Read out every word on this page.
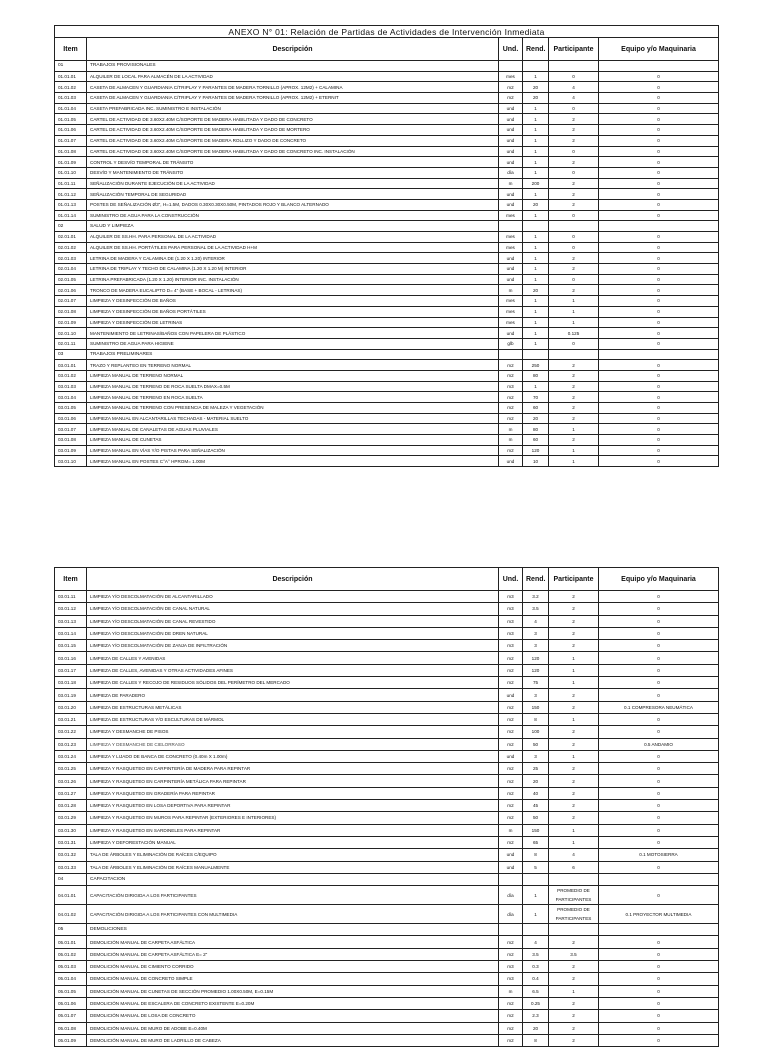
ANEXO N° 01: Relación de Partidas de Actividades de Intervención Inmediata					
Item	Descripción	Und.	Rend.	Participante	Equipo y/o Maquinaria
01	TRABAJOS PROVISIONALES				
01.01.01	ALQUILER DE LOCAL PARA ALMACÉN DE LA ACTIVIDAD	mes	1	0	0
01.01.02	CASETA DE ALMACEN Y GUARDIANIA C/TRIPLAY Y PARANTES DE MADERA TORNILLO (APROX. 12M2) + CALAMINA	m2	20	4	0
01.01.03	CASETA DE ALMACEN Y GUARDIANIA C/TRIPLAY Y PARANTES DE MADERA TORNILLO (APROX. 12M2) + ETERNIT	m2	20	4	0
01.01.04	CASETA PREFABRICADA INC. SUMINISTRO E INSTALACIÓN	und	1	0	0
01.01.05	CARTEL DE ACTIVIDAD DE 3.60X2.40M C/SOPORTE DE MADERA HABILITADA Y DADO DE CONCRETO	und	1	2	0
01.01.06	CARTEL DE ACTIVIDAD DE 3.60X2.40M C/SOPORTE DE MADERA HABILITADA Y DADO DE MORTERO	und	1	2	0
01.01.07	CARTEL DE ACTIVIDAD DE 3.60X2.40M C/SOPORTE DE MADERA ROLLIZO Y DADO DE CONCRETO	und	1	2	0
01.01.08	CARTEL DE ACTIVIDAD DE 3.60X2.40M C/SOPORTE DE MADERA HABILITADA Y DADO DE CONCRETO INC. INSTALACIÓN	und	1	0	0
01.01.09	CONTROL Y DESVÍO TEMPORAL DE TRÁNSITO	und	1	2	0
01.01.10	DESVÍO Y MANTENIMIENTO DE TRÁNSITO	día	1	0	0
01.01.11	SEÑALIZACIÓN DURANTE EJECUCIÓN DE LA ACTIVIDAD	m	200	2	0
01.01.12	SEÑALIZACIÓN TEMPORAL DE SEGURIDAD	und	1	2	0
01.01.13	POSTES DE SEÑALIZACIÓN Ø3", H=1.5M, DADOS 0.30X0.30X0.50M, PINTADOS ROJO Y BLANCO ALTERNADO	und	20	2	0
01.01.14	SUMINISTRO DE AGUA PARA LA CONSTRUCCIÓN	mes	1	0	0
02	SALUD Y LIMPIEZA				
02.01.01	ALQUILER DE SS.HH. PARA PERSONAL DE LA ACTIVIDAD	mes	1	0	0
02.01.02	ALQUILER DE SS.HH. PORTÁTILES PARA PERSONAL DE LA ACTIVIDAD H+M	mes	1	0	0
02.01.03	LETRINA DE MADERA Y CALAMINA DE (1.20 X 1.20) INTERIOR	und	1	2	0
02.01.04	LETRINA DE TRIPLAY Y TECHO DE CALAMINA (1.20 X 1.20 M) INTERIOR	und	1	2	0
02.01.05	LETRINA PREFABRICADA (1.20 X 1.20) INTERIOR INC. INSTALACIÓN	und	1	0	0
02.01.06	TRONCO DE MADERA EUCALIPTO D= 4" (BASE + BOCAL - LETRINAS)	m	20	2	0
02.01.07	LIMPIEZA Y DESINFECCIÓN DE BAÑOS	mes	1	1	0
02.01.08	LIMPIEZA Y DESINFECCIÓN DE BAÑOS PORTÁTILES	mes	1	1	0
02.01.09	LIMPIEZA Y DESINFECCIÓN DE LETRINAS	mes	1	1	0
02.01.10	MANTENIMIENTO DE LETRINAS/BAÑOS CON PAPELERA DE PLÁSTICO	und	1	0.125	0
02.01.11	SUMINISTRO DE AGUA PARA HIGIENE	glb	1	0	0
03	TRABAJOS PRELIMINARES				
03.01.01	TRAZO Y REPLANTEO EN TERRENO NORMAL	m2	250	2	0
03.01.02	LIMPIEZA MANUAL DE TERRENO NORMAL	m2	80	2	0
03.01.03	LIMPIEZA MANUAL DE TERRENO DE ROCA SUELTA DMAX=0.5M	m3	1	2	0
03.01.04	LIMPIEZA MANUAL DE TERRENO EN ROCA SUELTA	m2	70	2	0
03.01.05	LIMPIEZA MANUAL DE TERRENO CON PRESENCIA DE MALEZA Y VEGETACIÓN	m2	60	2	0
03.01.06	LIMPIEZA MANUAL EN ALCANTARILLAS TECHADAS - MATERIAL SUELTO	m2	20	2	0
03.01.07	LIMPIEZA MANUAL DE CANALETAS DE AGUAS PLUVIALES	m	80	1	0
03.01.08	LIMPIEZA MANUAL DE CUNETAS	m	60	2	0
03.01.09	LIMPIEZA MANUAL EN VÍAS Y/O PISTAS PARA SEÑALIZACIÓN	m2	120	1	0
03.01.10	LIMPIEZA MANUAL EN POSTES C°A° HPROM= 1.00M	und	10	1	0
Item	Descripción	Und.	Rend.	Participante	Equipo y/o Maquinaria
03.01.11	LIMPIEZA Y/O DESCOLMATACIÓN DE ALCANTARILLADO	m3	3.2	2	0
03.01.12	LIMPIEZA Y/O DESCOLMATACIÓN DE CANAL NATURAL	m3	3.5	2	0
03.01.13	LIMPIEZA Y/O DESCOLMATACIÓN DE CANAL REVESTIDO	m3	4	2	0
03.01.14	LIMPIEZA Y/O DESCOLMATACIÓN DE DREN NATURAL	m3	3	2	0
03.01.15	LIMPIEZA Y/O DESCOLMATACIÓN DE ZANJA DE INFILTRACIÓN	m3	3	2	0
03.01.16	LIMPIEZA DE CALLES Y AVENIDAS	m2	120	1	0
03.01.17	LIMPIEZA DE CALLES, AVENIDAS Y OTRAS ACTIVIDADES AFINES	m2	120	1	0
03.01.18	LIMPIEZA DE CALLES Y RECOJO DE RESIDUOS SÓLIDOS DEL PERÍMETRO DEL MERCADO	m2	75	1	0
03.01.19	LIMPIEZA DE PARADERO	und	3	2	0
03.01.20	LIMPIEZA DE ESTRUCTURAS METÁLICAS	m2	150	2	0.1 COMPRESORA NEUMÁTICA
03.01.21	LIMPIEZA DE ESTRUCTURAS Y/O ESCULTURAS DE MÁRMOL	m2	8	1	0
03.01.22	LIMPIEZA Y DESMANCHE DE PISOS	m2	100	2	0
03.01.23	LIMPIEZA Y DESMANCHE DE CIELORRASO	m2	50	2	0.5 ANDAMIO
03.01.24	LIMPIEZA Y LIJADO DE BANCA DE CONCRETO (0.40m X 1.00m)	und	3	1	0
03.01.25	LIMPIEZA Y RASQUETEO EN CARPINTERÍA DE MADERA PARA REPINTAR	m2	25	2	0
03.01.26	LIMPIEZA Y RASQUETEO EN CARPINTERÍA METÁLICA PARA REPINTAR	m2	20	2	0
03.01.27	LIMPIEZA Y RASQUETEO EN GRADERÍA PARA REPINTAR	m2	40	2	0
03.01.28	LIMPIEZA Y RASQUETEO EN LOSA DEPORTIVA PARA REPINTAR	m2	45	2	0
03.01.29	LIMPIEZA Y RASQUETEO EN MUROS PARA REPINTAR (EXTERIORES E INTERIORES)	m2	50	2	0
03.01.30	LIMPIEZA Y RASQUETEO EN SARDINELES PARA REPINTAR	m	150	1	0
03.01.31	LIMPIEZA Y DEFORESTACIÓN MANUAL	m2	65	1	0
03.01.32	TALA DE ÁRBOLES Y ELIMINACIÓN DE RAÍCES C/EQUIPO	und	8	4	0.1 MOTOSIERRA
03.01.33	TALA DE ÁRBOLES Y ELIMINACIÓN DE RAÍCES MANUALMENTE	und	5	6	0
04	CAPACITACION				
04.01.01	CAPACITACIÓN DIRIGIDA A LOS PARTICIPANTES	día	1	PROMEDIO DE PARTICIPANTES	0
04.01.02	CAPACITACIÓN DIRIGIDA A LOS PARTICIPANTES CON MULTIMEDIA	día	1	PROMEDIO DE PARTICIPANTES	0.1 PROYECTOR MULTIMEDIA
05	DEMOLICIONES				
05.01.01	DEMOLICIÓN MANUAL DE CARPETA ASFÁLTICA	m2	4	2	0
05.01.02	DEMOLICIÓN MANUAL DE CARPETA ASFÁLTICA E= 2"	m2	3.5	3.5	0
05.01.03	DEMOLICIÓN MANUAL DE CIMIENTO CORRIDO	m3	0.3	2	0
05.01.04	DEMOLICIÓN MANUAL DE CONCRETO SIMPLE	m3	0.4	2	0
05.01.05	DEMOLICIÓN MANUAL DE CUNETAS DE SECCIÓN PROMEDIO 1.00X0.50M, E=0.15M	m	6.5	1	0
05.01.06	DEMOLICIÓN MANUAL DE ESCALERA DE CONCRETO EXISTENTE E=0.20M	m2	0.25	2	0
05.01.07	DEMOLICIÓN MANUAL DE LOSA DE CONCRETO	m2	2.3	2	0
05.01.08	DEMOLICIÓN MANUAL DE MURO DE ADOBE E=0.40M	m2	20	2	0
05.01.09	DEMOLICIÓN MANUAL DE MURO DE LADRILLO DE CABEZA	m2	8	2	0
